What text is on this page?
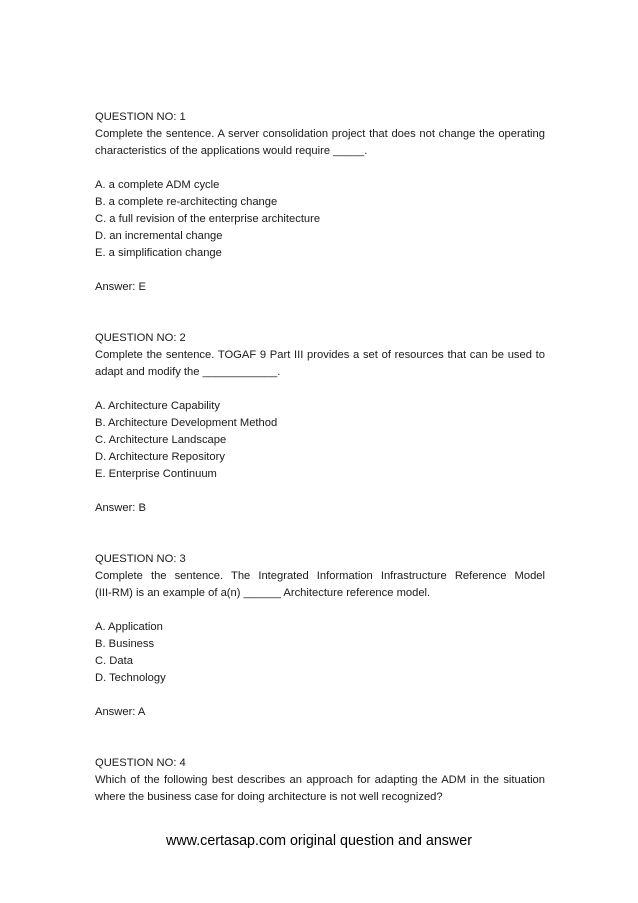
QUESTION NO: 1
Complete the sentence. A server consolidation project that does not change the operating
characteristics of the applications would require _____.
A. a complete ADM cycle
B. a complete re-architecting change
C. a full revision of the enterprise architecture
D. an incremental change
E. a simplification change
Answer: E
QUESTION NO: 2
Complete the sentence. TOGAF 9 Part III provides a set of resources that can be used to
adapt and modify the ____________.
A. Architecture Capability
B. Architecture Development Method
C. Architecture Landscape
D. Architecture Repository
E. Enterprise Continuum
Answer: B
QUESTION NO: 3
Complete the sentence. The Integrated Information Infrastructure Reference Model
(III-RM) is an example of a(n) ______ Architecture reference model.
A. Application
B. Business
C. Data
D. Technology
Answer: A
QUESTION NO: 4
Which of the following best describes an approach for adapting the ADM in the situation
where the business case for doing architecture is not well recognized?
www.certasap.com original question and answer
